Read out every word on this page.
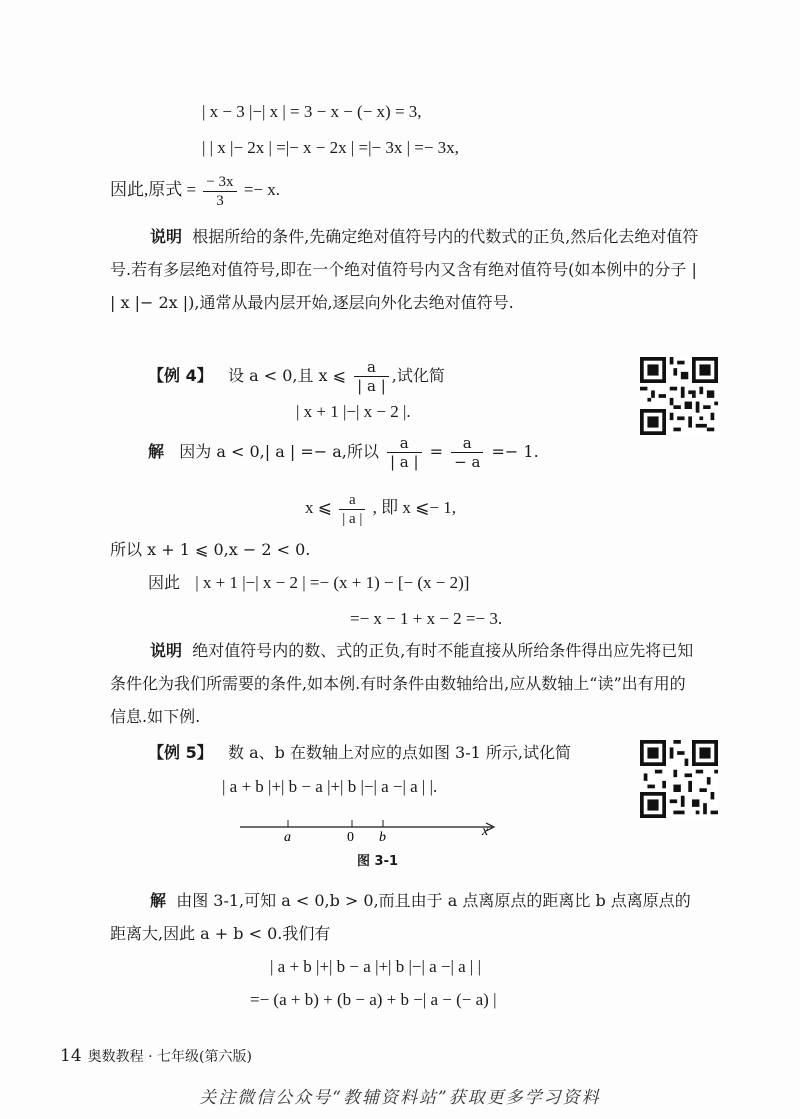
| x − 3 |−| x | = 3 − x − (− x) = 3,
| | x |− 2x | =|− x − 2x | =|− 3x | =− 3x,
因此,原式 = $\frac{- 3x}{3} =- x$.
说明 根据所给的条件,先确定绝对值符号内的代数式的正负,然后化去绝对值符号.若有多层绝对值符号,即在一个绝对值符号内又含有绝对值符号(如本例中的分子 | | x |− 2x |),通常从最内层开始,逐层向外化去绝对值符号.
【例 4】 设 a < 0,且 x ⩽ $\frac{a}{| a |}$ ,试化简
| x + 1 |−| x − 2 |.
解 因为 a < 0,| a | =− a,所以 $\frac{a}{| a |} = \frac{a}{- a} =- 1$.
x ⩽ $\frac{a}{| a |}$ , 即 x ⩽− 1,
所以 x + 1 ⩽ 0,x − 2 < 0.
因此 | x + 1 |−| x − 2 | =− (x + 1) − [− (x − 2)]
=− x − 1 + x − 2 =− 3.
说明 绝对值符号内的数、式的正负,有时不能直接从所给条件得出应先将已知条件化为我们所需要的条件,如本例.有时条件由数轴给出,应从数轴上“读”出有用的信息.如下例.
【例 5】 数 a、b 在数轴上对应的点如图 3-1 所示,试化简
| a + b |+| b − a |+| b |−| a −| a | |.
a	0 b	x
图 3-1
解 由图 3-1,可知 a < 0,b > 0,而且由于 a 点离原点的距离比 b 点离原点的距离大,因此 a + b < 0.我们有
| a + b |+| b − a |+| b |−| a −| a | |
=− (a + b) + (b − a) + b −| a − (− a) |
14 奥数教程 · 七年级(第六版)
关注微信公众号“教辅资料站”获取更多学习资料
